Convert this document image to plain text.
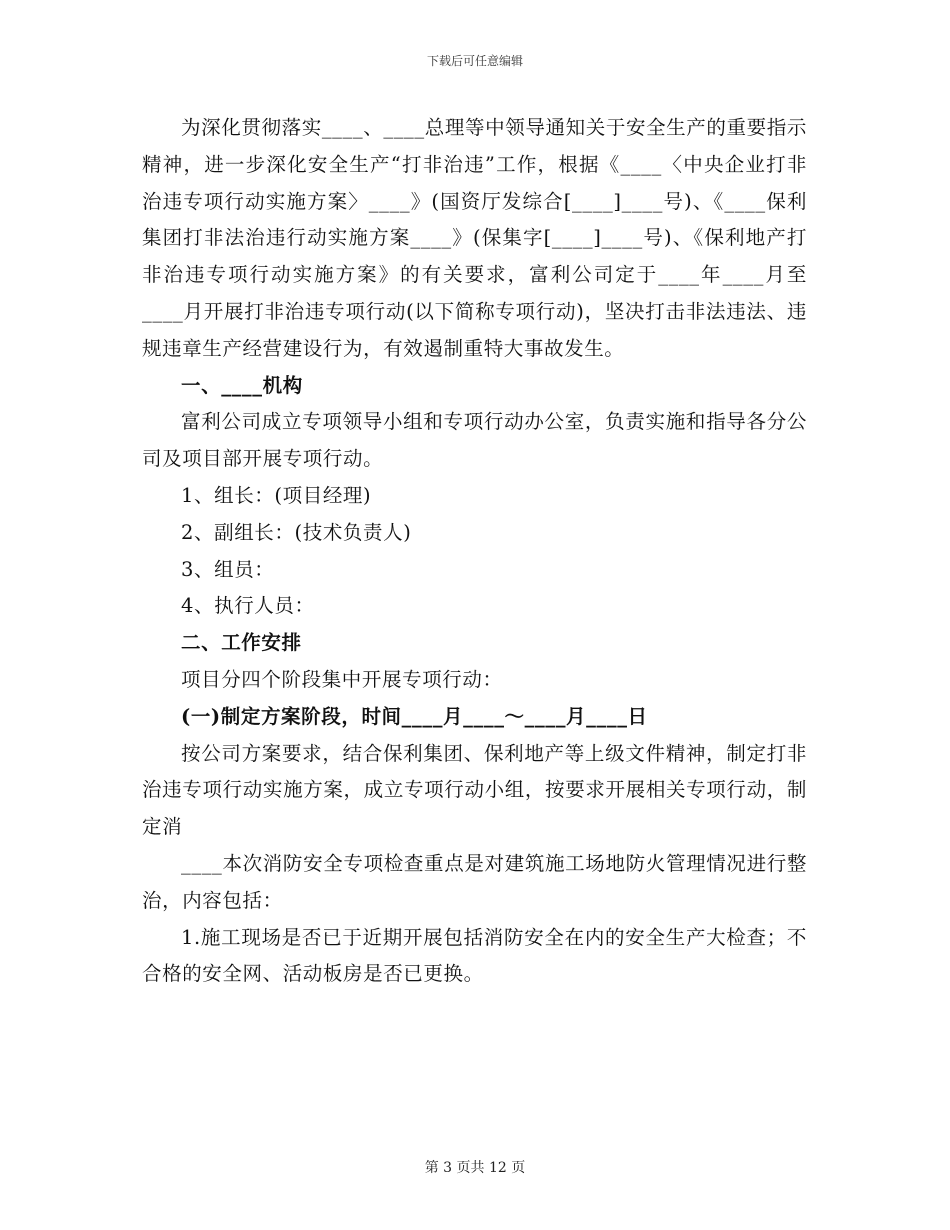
下载后可任意编辑

为深化贯彻落实____、____总理等中领导通知关于安全生产的重要指示精神，进一步深化安全生产“打非治违”工作，根据《____〈中央企业打非治违专项行动实施方案〉____》(国资厅发综合[____]____号)、《____保利集团打非法治违行动实施方案____》(保集字[____]____号)、《保利地产打非治违专项行动实施方案》的有关要求，富利公司定于____年____月至____月开展打非治违专项行动(以下简称专项行动)，坚决打击非法违法、违规违章生产经营建设行为，有效遏制重特大事故发生。

一、____机构

富利公司成立专项领导小组和专项行动办公室，负责实施和指导各分公司及项目部开展专项行动。

1、组长：(项目经理)

2、副组长：(技术负责人)

3、组员：

4、执行人员：

二、工作安排

项目分四个阶段集中开展专项行动：

(一)制定方案阶段，时间____月____～____月____日

按公司方案要求，结合保利集团、保利地产等上级文件精神，制定打非治违专项行动实施方案，成立专项行动小组，按要求开展相关专项行动，制定消

____本次消防安全专项检查重点是对建筑施工场地防火管理情况进行整治，内容包括：

1.施工现场是否已于近期开展包括消防安全在内的安全生产大检查；不合格的安全网、活动板房是否已更换。

第 3 页共 12 页
